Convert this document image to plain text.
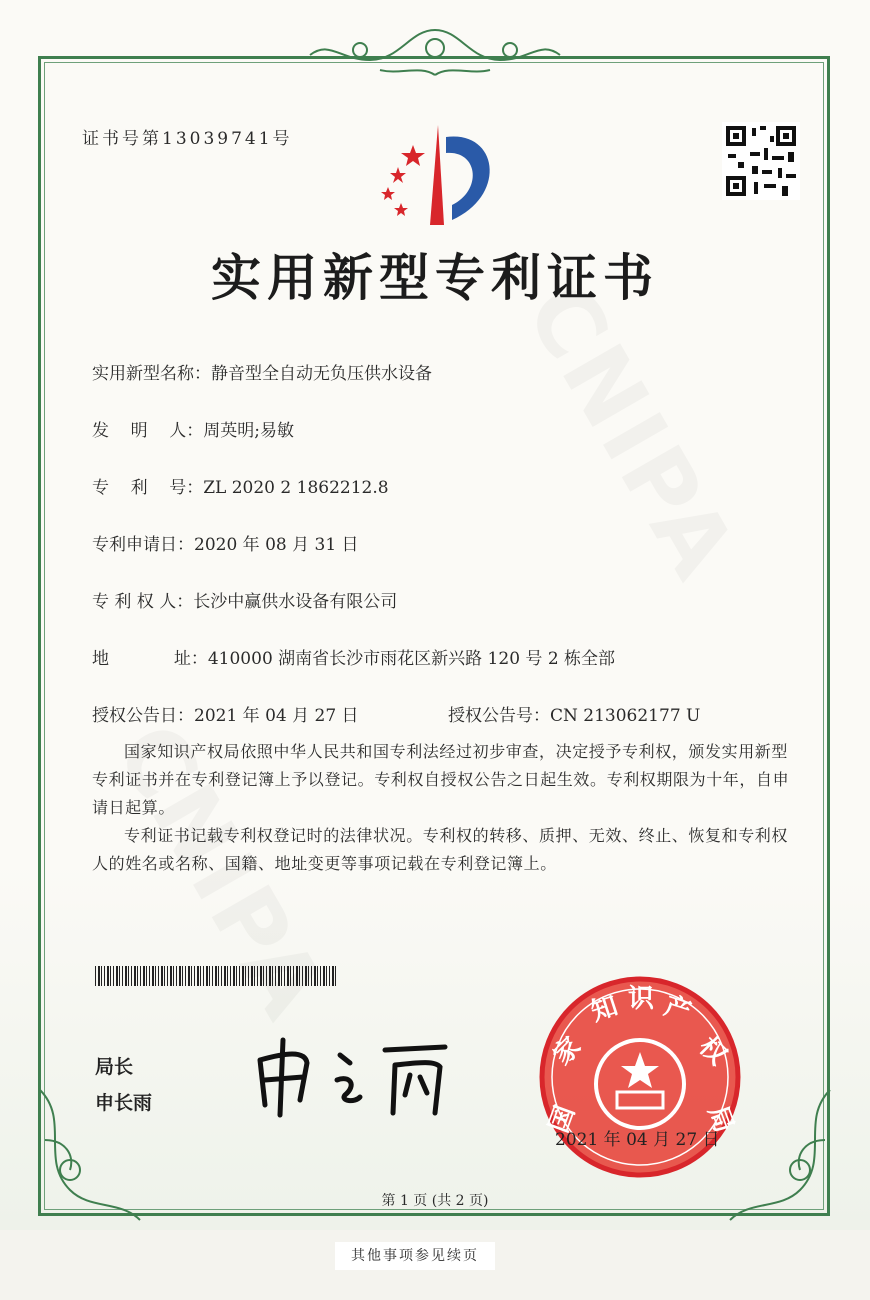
证书号第13039741号
实用新型专利证书
实用新型名称：静音型全自动无负压供水设备
发    明    人：周英明;易敏
专    利    号：ZL 2020 2 1862212.8
专利申请日：2020 年 08 月 31 日
专 利 权 人：长沙中赢供水设备有限公司
地            址：410000 湖南省长沙市雨花区新兴路 120 号 2 栋全部
授权公告日：2021 年 04 月 27 日	授权公告号：CN 213062177 U
国家知识产权局依照中华人民共和国专利法经过初步审查，决定授予专利权，颁发实用新型专利证书并在专利登记簿上予以登记。专利权自授权公告之日起生效。专利权期限为十年，自申请日起算。
专利证书记载专利权登记时的法律状况。专利权的转移、质押、无效、终止、恢复和专利权人的姓名或名称、国籍、地址变更等事项记载在专利登记簿上。
局长
申长雨	国
家
知 识 产
权
局
2021 年 04 月 27 日
第 1 页 (共 2 页)
其他事项参见续页
